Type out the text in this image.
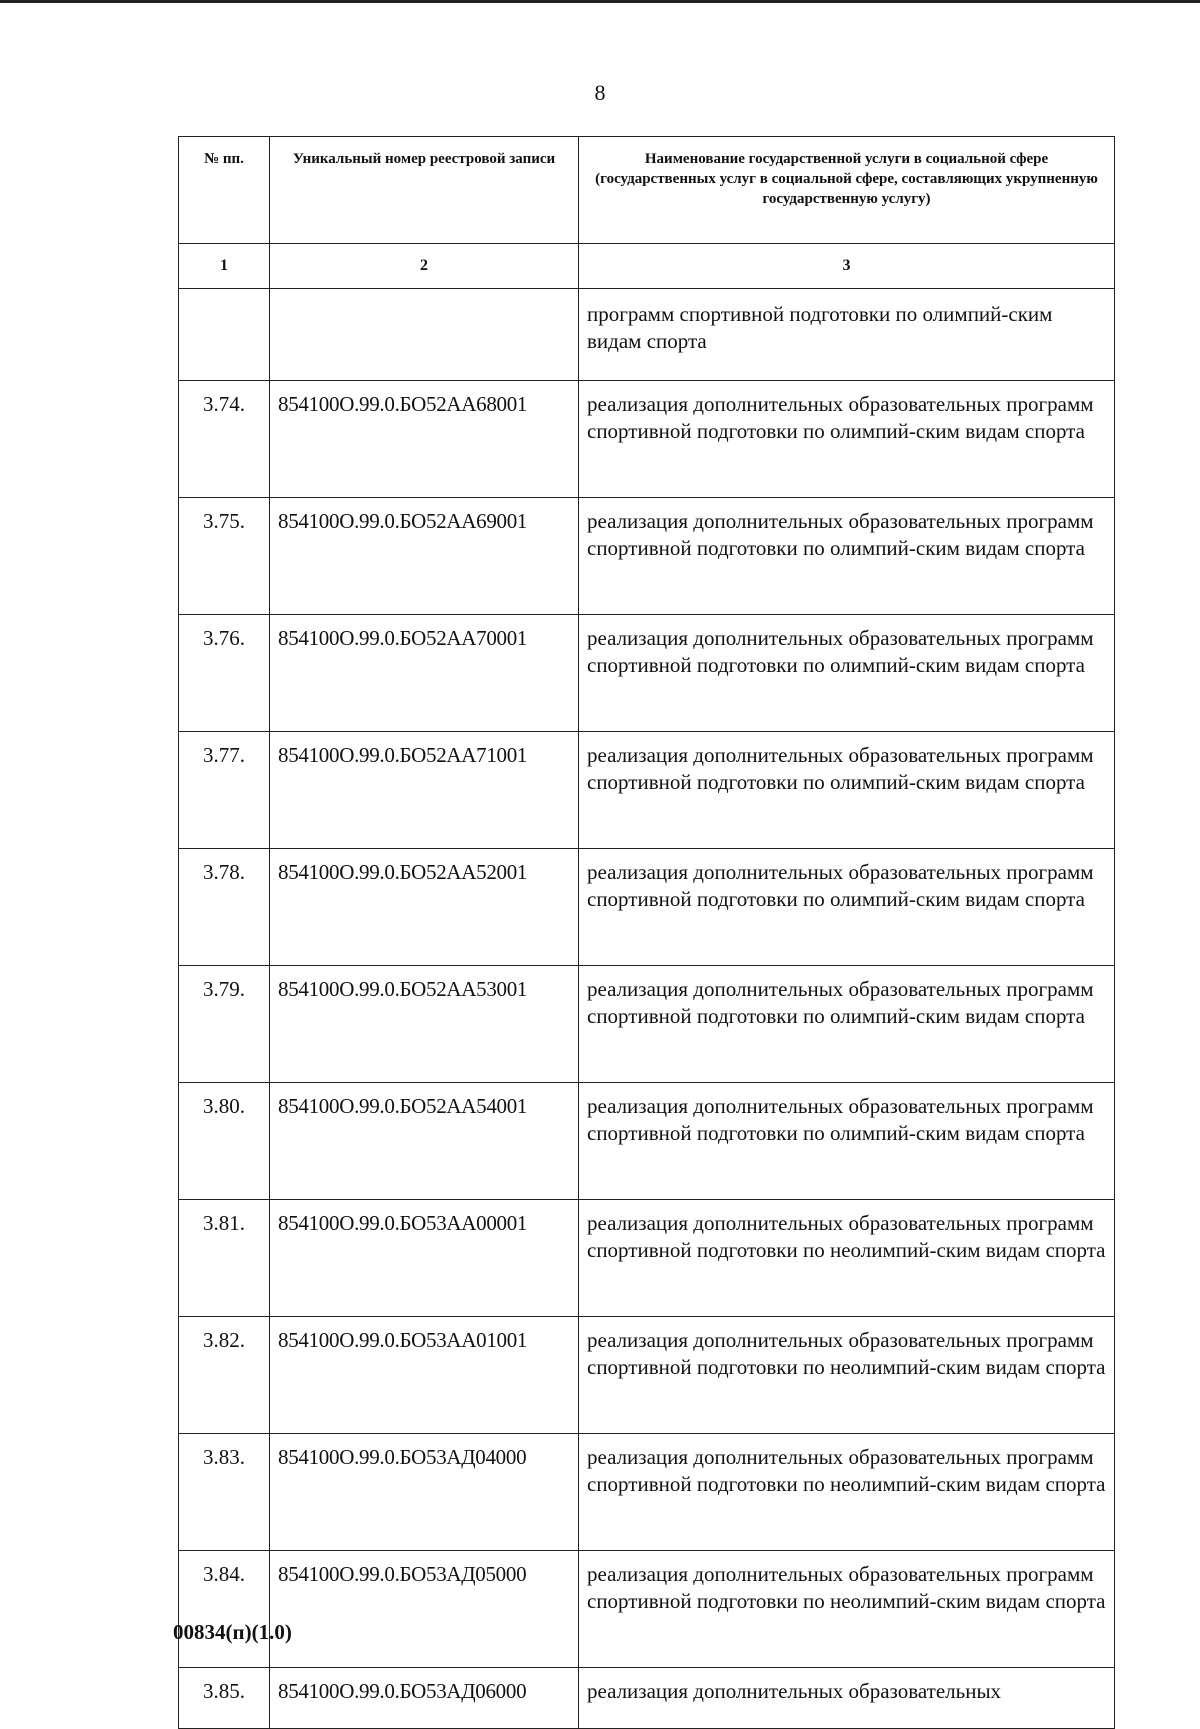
8
№ пп.	Уникальный номер реестровой записи	Наименование государственной услуги в социальной сфере (государственных услуг в социальной сфере, составляющих укрупненную государственную услугу)
1	2	3
		программ спортивной подготовки по олимпий-ским видам спорта
3.74.	854100О.99.0.БО52АА68001	реализация дополнительных образовательных программ спортивной подготовки по олимпий-ским видам спорта
3.75.	854100О.99.0.БО52АА69001	реализация дополнительных образовательных программ спортивной подготовки по олимпий-ским видам спорта
3.76.	854100О.99.0.БО52АА70001	реализация дополнительных образовательных программ спортивной подготовки по олимпий-ским видам спорта
3.77.	854100О.99.0.БО52АА71001	реализация дополнительных образовательных программ спортивной подготовки по олимпий-ским видам спорта
3.78.	854100О.99.0.БО52АА52001	реализация дополнительных образовательных программ спортивной подготовки по олимпий-ским видам спорта
3.79.	854100О.99.0.БО52АА53001	реализация дополнительных образовательных программ спортивной подготовки по олимпий-ским видам спорта
3.80.	854100О.99.0.БО52АА54001	реализация дополнительных образовательных программ спортивной подготовки по олимпий-ским видам спорта
3.81.	854100О.99.0.БО53АА00001	реализация дополнительных образовательных программ спортивной подготовки по неолимпий-ским видам спорта
3.82.	854100О.99.0.БО53АА01001	реализация дополнительных образовательных программ спортивной подготовки по неолимпий-ским видам спорта
3.83.	854100О.99.0.БО53АД04000	реализация дополнительных образовательных программ спортивной подготовки по неолимпий-ским видам спорта
3.84.	854100О.99.0.БО53АД05000	реализация дополнительных образовательных программ спортивной подготовки по неолимпий-ским видам спорта
3.85.	854100О.99.0.БО53АД06000	реализация дополнительных образовательных
00834(п)(1.0)
